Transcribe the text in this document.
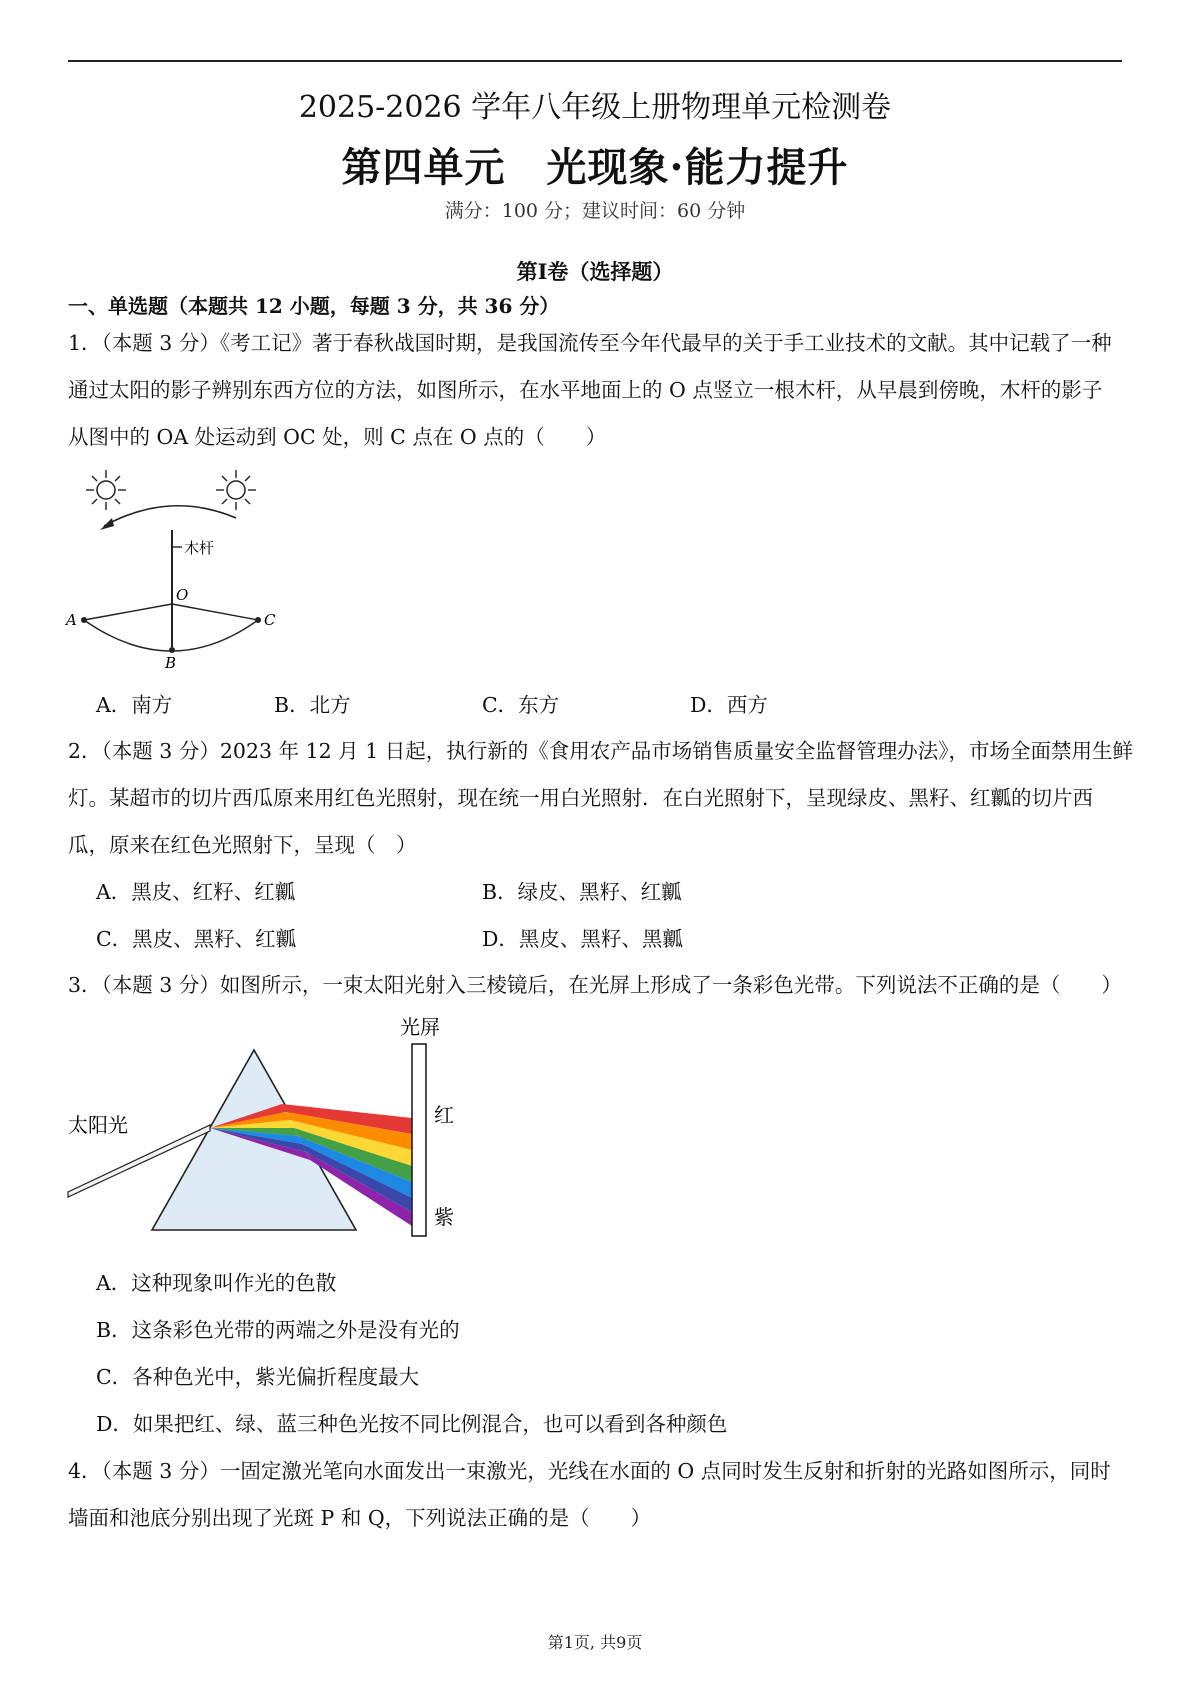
2025-2026 学年八年级上册物理单元检测卷
第四单元　光现象·能力提升
满分：100 分；建议时间：60 分钟
第Ⅰ卷（选择题）
一、单选题（本题共 12 小题，每题 3 分，共 36 分）
1．（本题 3 分）《考工记》著于春秋战国时期，是我国流传至今年代最早的关于手工业技术的文献。其中记载了一种
通过太阳的影子辨别东西方位的方法，如图所示，在水平地面上的 O 点竖立一根木杆，从早晨到傍晚，木杆的影子
从图中的 OA 处运动到 OC 处，则 C 点在 O 点的（　　）
木杆
O
A
B
C
A．南方	B．北方	C．东方	D．西方
2．（本题 3 分）2023 年 12 月 1 日起，执行新的《食用农产品市场销售质量安全监督管理办法》，市场全面禁用生鲜
灯。某超市的切片西瓜原来用红色光照射，现在统一用白光照射．在白光照射下，呈现绿皮、黑籽、红瓤的切片西
瓜，原来在红色光照射下，呈现（　）
A．黑皮、红籽、红瓤	B．绿皮、黑籽、红瓤
C．黑皮、黑籽、红瓤	D．黑皮、黑籽、黑瓤
3．（本题 3 分）如图所示，一束太阳光射入三棱镜后，在光屏上形成了一条彩色光带。下列说法不正确的是（　　）
光屏
太阳光	红
紫
A．这种现象叫作光的色散
B．这条彩色光带的两端之外是没有光的
C．各种色光中，紫光偏折程度最大
D．如果把红、绿、蓝三种色光按不同比例混合，也可以看到各种颜色
4．（本题 3 分）一固定激光笔向水面发出一束激光，光线在水面的 O 点同时发生反射和折射的光路如图所示，同时
墙面和池底分别出现了光斑 P 和 Q，下列说法正确的是（　　）
第1页, 共9页
